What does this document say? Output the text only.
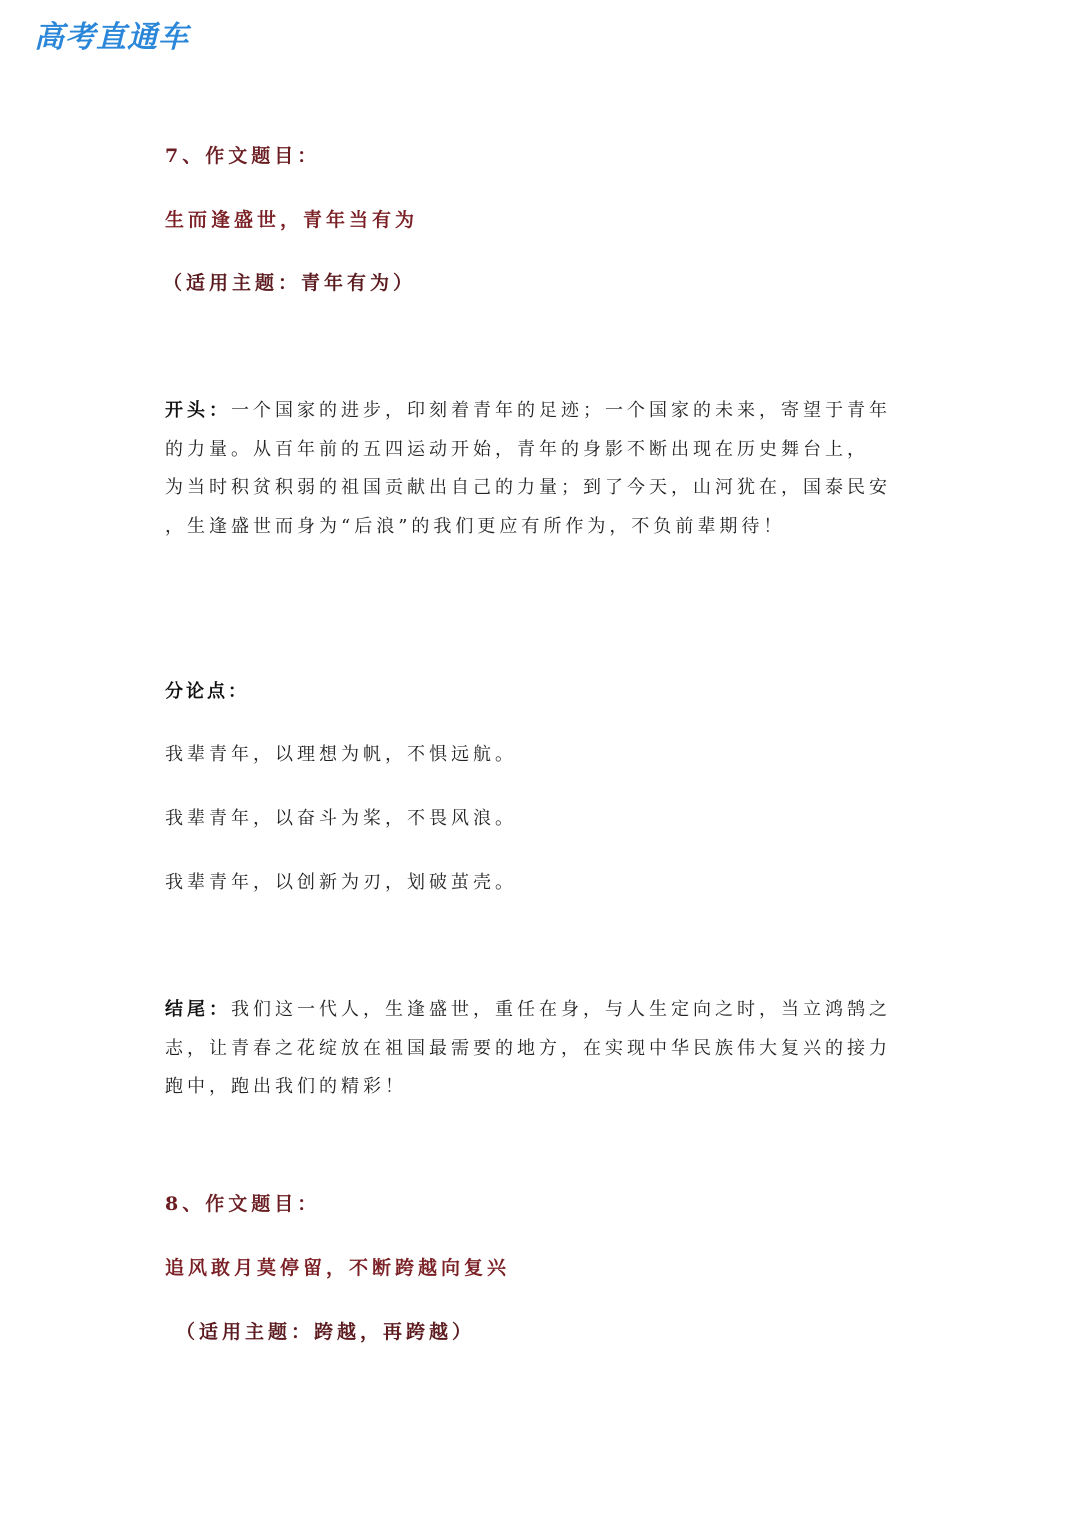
高考直通车
7、作文题目：
生而逢盛世，青年当有为
（适用主题：青年有为）
开头：一个国家的进步，印刻着青年的足迹；一个国家的未来，寄望于青年
的力量。从百年前的五四运动开始，青年的身影不断出现在历史舞台上，
为当时积贫积弱的祖国贡献出自己的力量；到了今天，山河犹在，国泰民安
，生逢盛世而身为“后浪”的我们更应有所作为，不负前辈期待！
分论点：
我辈青年，以理想为帆，不惧远航。
我辈青年，以奋斗为桨，不畏风浪。
我辈青年，以创新为刃，划破茧壳。
结尾：我们这一代人，生逢盛世，重任在身，与人生定向之时，当立鸿鹄之
志，让青春之花绽放在祖国最需要的地方，在实现中华民族伟大复兴的接力
跑中，跑出我们的精彩！
8、作文题目：
追风敢月莫停留，不断跨越向复兴
（适用主题：跨越，再跨越）
